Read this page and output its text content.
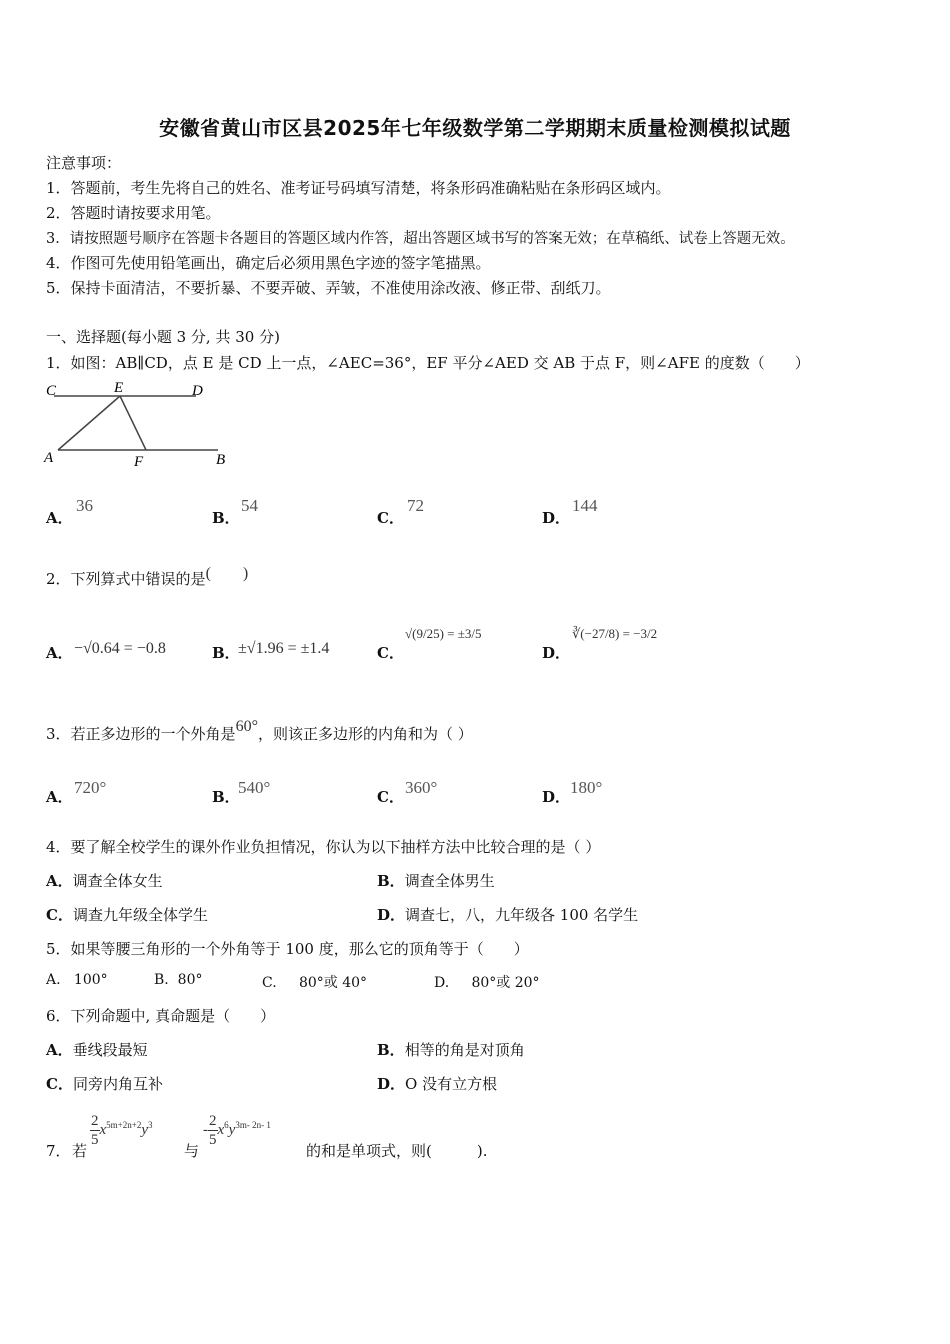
安徽省黄山市区县2025年七年级数学第二学期期末质量检测模拟试题
注意事项：
1．答题前，考生先将自己的姓名、准考证号码填写清楚，将条形码准确粘贴在条形码区域内。
2．答题时请按要求用笔。
3．请按照题号顺序在答题卡各题目的答题区域内作答，超出答题区域书写的答案无效；在草稿纸、试卷上答题无效。
4．作图可先使用铅笔画出，确定后必须用黑色字迹的签字笔描黑。
5．保持卡面清洁，不要折暴、不要弄破、弄皱，不准使用涂改液、修正带、刮纸刀。
一、选择题(每小题 3 分, 共 30 分)
1．如图：AB∥CD，点 E 是 CD 上一点，∠AEC=36°，EF 平分∠AED 交 AB 于点 F，则∠AFE 的度数（　　）
C	E	D
A	F	B
A．
36
B．
54
C．
72
D．
144
2．下列算式中错误的是(　　)
A． −√0.64 = −0.8	B．
±√1.96 = ±1.4	C．
√(9/25) = ±3/5
D．
∛(−27/8) = −3/2
3．若正多边形的一个外角是60°，则该正多边形的内角和为（ ）
A． 720°	B．
540°	C． 360°	D． 180°
4．要了解全校学生的课外作业负担情况，你认为以下抽样方法中比较合理的是（ ）
A．调查全体女生	B．调查全体男生
C．调查九年级全体学生	D．调查七，八，九年级各 100 名学生
5．如果等腰三角形的一个外角等于 100 度，那么它的顶角等于（　　）
A. 100°	B. 80°	C. 80°或 40°	D. 80°或 20°
6．下列命题中, 真命题是（　　）
A．垂线段最短	B．相等的角是对顶角
C．同旁内角互补	D．O 没有立方根
7． 若
$\frac{2}{5} x^{5m+2n+2}y^3$
与
- $\frac{2}{5} x^6y^{3m- 2n- 1}$
的和是单项式，则(　　　).
